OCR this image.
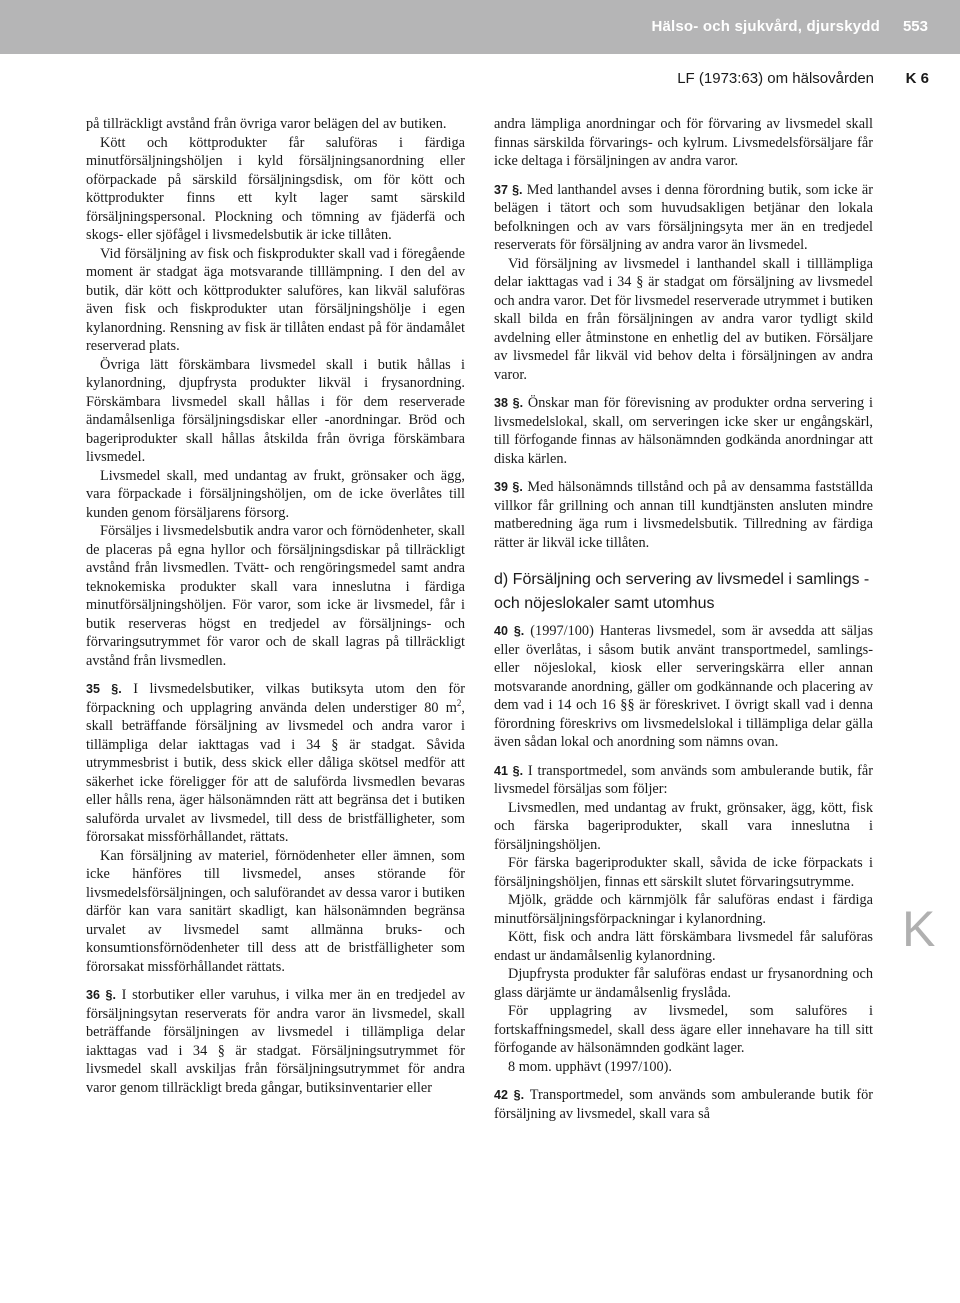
Hälso- och sjukvård, djurskydd 553
LF (1973:63) om hälsovården K 6

på tillräckligt avstånd från övriga varor belägen del av butiken.

Kött och köttprodukter får saluföras i färdiga minutförsäljningshöljen i kyld försäljningsanordning eller oförpackade på särskild försäljningsdisk, om för kött och köttprodukter finns ett kylt lager samt särskild försäljningspersonal. Plockning och tömning av fjäderfä och skogs- eller sjöfågel i livsmedelsbutik är icke tillåten.

Vid försäljning av fisk och fiskprodukter skall vad i föregående moment är stadgat äga motsvarande tilllämpning. I den del av butik, där kött och köttprodukter saluföres, kan likväl saluföras även fisk och fiskprodukter utan försäljningshölje i egen kylanordning. Rensning av fisk är tillåten endast på för ändamålet reserverad plats.

Övriga lätt förskämbara livsmedel skall i butik hållas i kylanordning, djupfrysta produkter likväl i frysanordning. Förskämbara livsmedel skall hållas i för dem reserverade ändamålsenliga försäljningsdiskar eller -anordningar. Bröd och bageriprodukter skall hållas åtskilda från övriga förskämbara livsmedel.

Livsmedel skall, med undantag av frukt, grönsaker och ägg, vara förpackade i försäljningshöljen, om de icke överlåtes till kunden genom försäljarens försorg.

Försäljes i livsmedelsbutik andra varor och förnödenheter, skall de placeras på egna hyllor och försäljningsdiskar på tillräckligt avstånd från livsmedlen. Tvätt- och rengöringsmedel samt andra teknokemiska produkter skall vara inneslutna i färdiga minutförsäljningshöljen. För varor, som icke är livsmedel, får i butik reserveras högst en tredjedel av försäljnings- och förvaringsutrymmet för varor och de skall lagras på tillräckligt avstånd från livsmedlen.

35 §. I livsmedelsbutiker, vilkas butiksyta utom den för förpackning och upplagring använda delen understiger 80 $m^2$, skall beträffande försäljning av livsmedel och andra varor i tillämpliga delar iakttagas vad i 34 § är stadgat. Såvida utrymmesbrist i butik, dess skick eller dåliga skötsel medför att säkerhet icke föreligger för att de saluförda livsmedlen bevaras eller hålls rena, äger hälsonämnden rätt att begränsa det i butiken saluförda urvalet av livsmedel, till dess de bristfälligheter, som förorsakat missförhållandet, rättats.

Kan försäljning av materiel, förnödenheter eller ämnen, som icke hänföres till livsmedel, anses störande för livsmedelsförsäljningen, och saluförandet av dessa varor i butiken därför kan vara sanitärt skadligt, kan hälsonämnden begränsa urvalet av livsmedel samt allmänna bruks- och konsumtionsförnödenheter till dess att de bristfälligheter som förorsakat missförhållandet rättats.

36 §. I storbutiker eller varuhus, i vilka mer än en tredjedel av försäljningsytan reserverats för andra varor än livsmedel, skall beträffande försäljningen av livsmedel i tillämpliga delar iakttagas vad i 34 § är stadgat. Försäljningsutrymmet för livsmedel skall avskiljas från försäljningsutrymmet för andra varor genom tillräckligt breda gångar, butiksinventarier eller

andra lämpliga anordningar och för förvaring av livsmedel skall finnas särskilda förvarings- och kylrum. Livsmedelsförsäljare får icke deltaga i försäljningen av andra varor.

37 §. Med lanthandel avses i denna förordning butik, som icke är belägen i tätort och som huvudsakligen betjänar den lokala befolkningen och av vars försäljningsyta mer än en tredjedel reserverats för försäljning av andra varor än livsmedel.

Vid försäljning av livsmedel i lanthandel skall i tilllämpliga delar iakttagas vad i 34 § är stadgat om försäljning av livsmedel och andra varor. Det för livsmedel reserverade utrymmet i butiken skall bilda en från försäljningen av andra varor tydligt skild avdelning eller åtminstone en enhetlig del av butiken. Försäljare av livsmedel får likväl vid behov delta i försäljningen av andra varor.

38 §. Önskar man för förevisning av produkter ordna servering i livsmedelslokal, skall, om serveringen icke sker ur engångskärl, till förfogande finnas av hälsonämnden godkända anordningar att diska kärlen.

39 §. Med hälsonämnds tillstånd och på av densamma fastställda villkor får grillning och annan till kundtjänsten ansluten mindre matberedning äga rum i livsmedelsbutik. Tillredning av färdiga rätter är likväl icke tillåten.

d) Försäljning och servering av livsmedel i samlings - och nöjeslokaler samt utomhus

40 §. (1997/100) Hanteras livsmedel, som är avsedda att säljas eller överlåtas, i såsom butik använt transportmedel, samlings- eller nöjeslokal, kiosk eller serveringskärra eller annan motsvarande anordning, gäller om godkännande och placering av dem vad i 14 och 16 §§ är föreskrivet. I övrigt skall vad i denna förordning föreskrivs om livsmedelslokal i tillämpliga delar gälla även sådan lokal och anordning som nämns ovan.

41 §. I transportmedel, som används som ambulerande butik, får livsmedel försäljas som följer:

Livsmedlen, med undantag av frukt, grönsaker, ägg, kött, fisk och färska bageriprodukter, skall vara inneslutna i försäljningshöljen.

För färska bageriprodukter skall, såvida de icke förpackats i försäljningshöljen, finnas ett särskilt slutet förvaringsutrymme.

Mjölk, grädde och kärnmjölk får saluföras endast i färdiga minutförsäljningsförpackningar i kylanordning.

Kött, fisk och andra lätt förskämbara livsmedel får saluföras endast ur ändamålsenlig kylanordning.

Djupfrysta produkter får saluföras endast ur frysanordning och glass därjämte ur ändamålsenlig fryslåda.

För upplagring av livsmedel, som saluföres i fortskaffningsmedel, skall dess ägare eller innehavare ha till sitt förfogande av hälsonämnden godkänt lager.

8 mom. upphävt (1997/100).

42 §. Transportmedel, som används som ambulerande butik för försäljning av livsmedel, skall vara så

K
